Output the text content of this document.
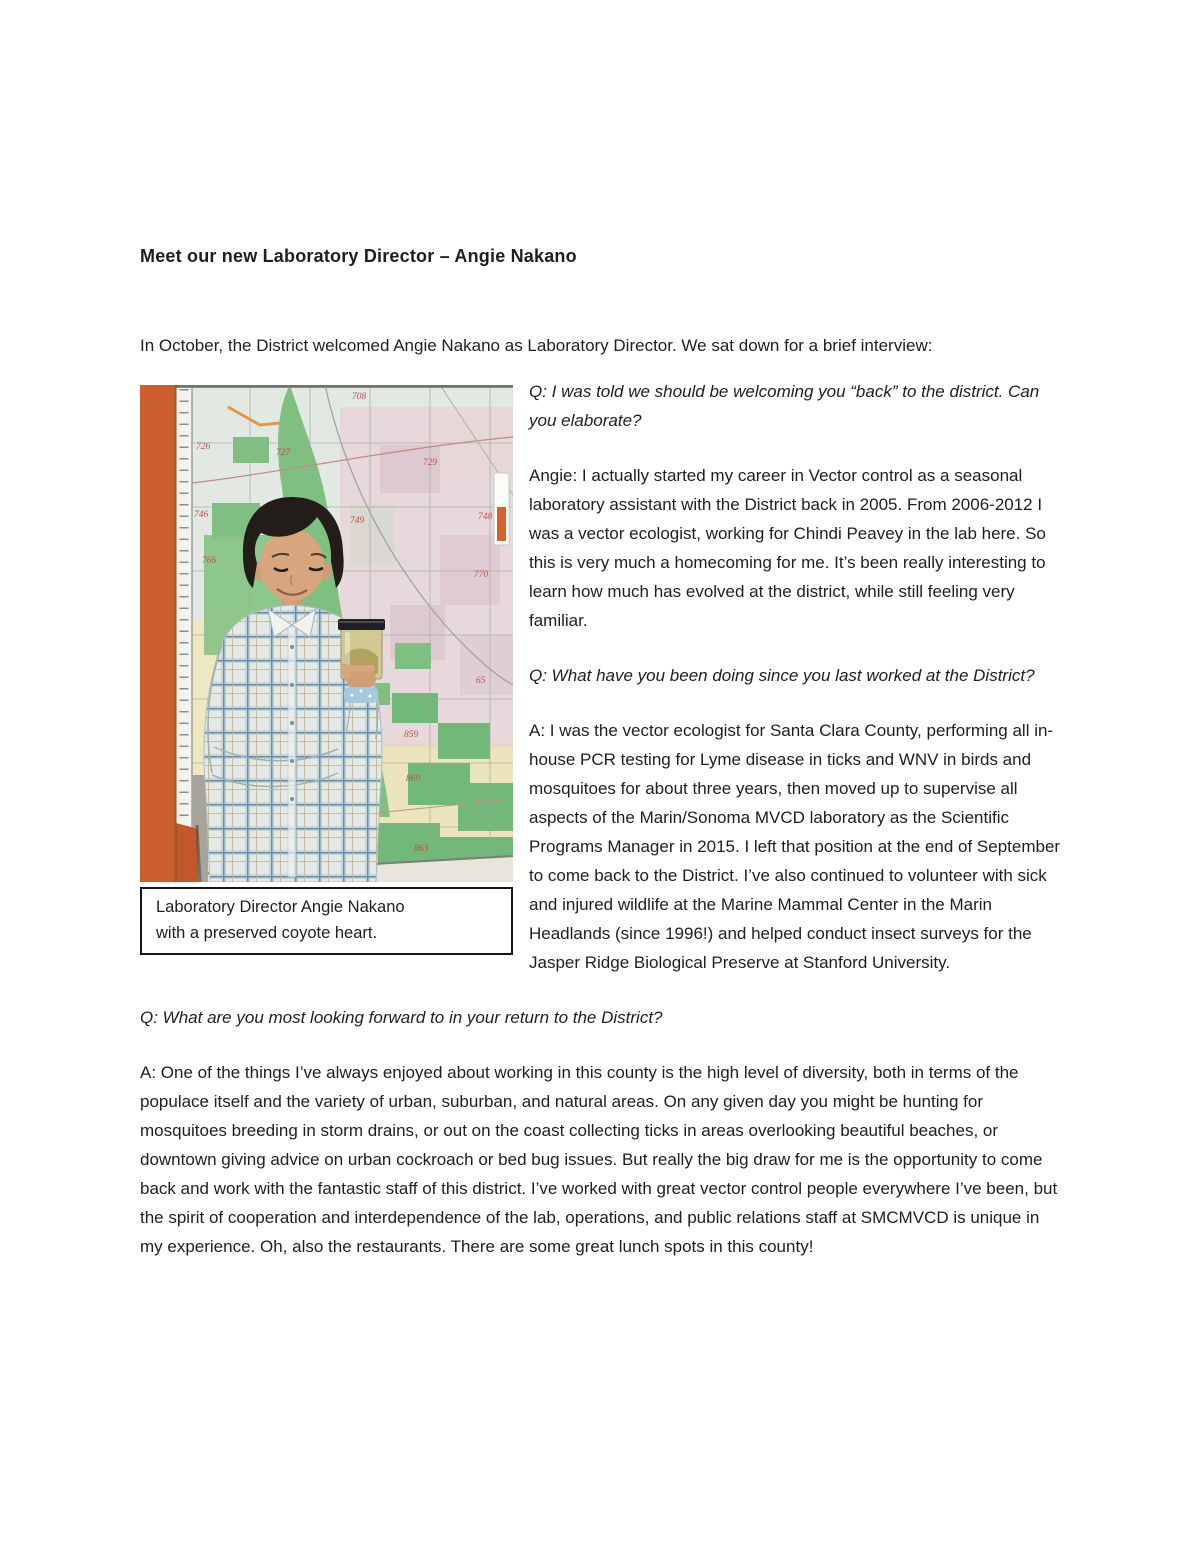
Meet our new Laboratory Director – Angie Nakano

In October, the District welcomed Angie Nakano as Laboratory Director. We sat down for a brief interview:

708
726
727
729
746
749	748
766
770
65
859
869
863
Laboratory Director Angie Nakano
with a preserved coyote heart.

Q: I was told we should be welcoming you “back” to the district. Can you elaborate?

Angie: I actually started my career in Vector control as a seasonal laboratory assistant with the District back in 2005. From 2006-2012 I was a vector ecologist, working for Chindi Peavey in the lab here. So this is very much a homecoming for me. It’s been really interesting to learn how much has evolved at the district, while still feeling very familiar.

Q: What have you been doing since you last worked at the District?

A: I was the vector ecologist for Santa Clara County, performing all in-house PCR testing for Lyme disease in ticks and WNV in birds and mosquitoes for about three years, then moved up to supervise all aspects of the Marin/Sonoma MVCD laboratory as the Scientific Programs Manager in 2015. I left that position at the end of September to come back to the District. I’ve also continued to volunteer with sick and injured wildlife at the Marine Mammal Center in the Marin Headlands (since 1996!) and helped conduct insect surveys for the Jasper Ridge Biological Preserve at Stanford University.

Q: What are you most looking forward to in your return to the District?

A: One of the things I’ve always enjoyed about working in this county is the high level of diversity, both in terms of the populace itself and the variety of urban, suburban, and natural areas. On any given day you might be hunting for mosquitoes breeding in storm drains, or out on the coast collecting ticks in areas overlooking beautiful beaches, or downtown giving advice on urban cockroach or bed bug issues. But really the big draw for me is the opportunity to come back and work with the fantastic staff of this district. I’ve worked with great vector control people everywhere I’ve been, but the spirit of cooperation and interdependence of the lab, operations, and public relations staff at SMCMVCD is unique in my experience. Oh, also the restaurants. There are some great lunch spots in this county!
